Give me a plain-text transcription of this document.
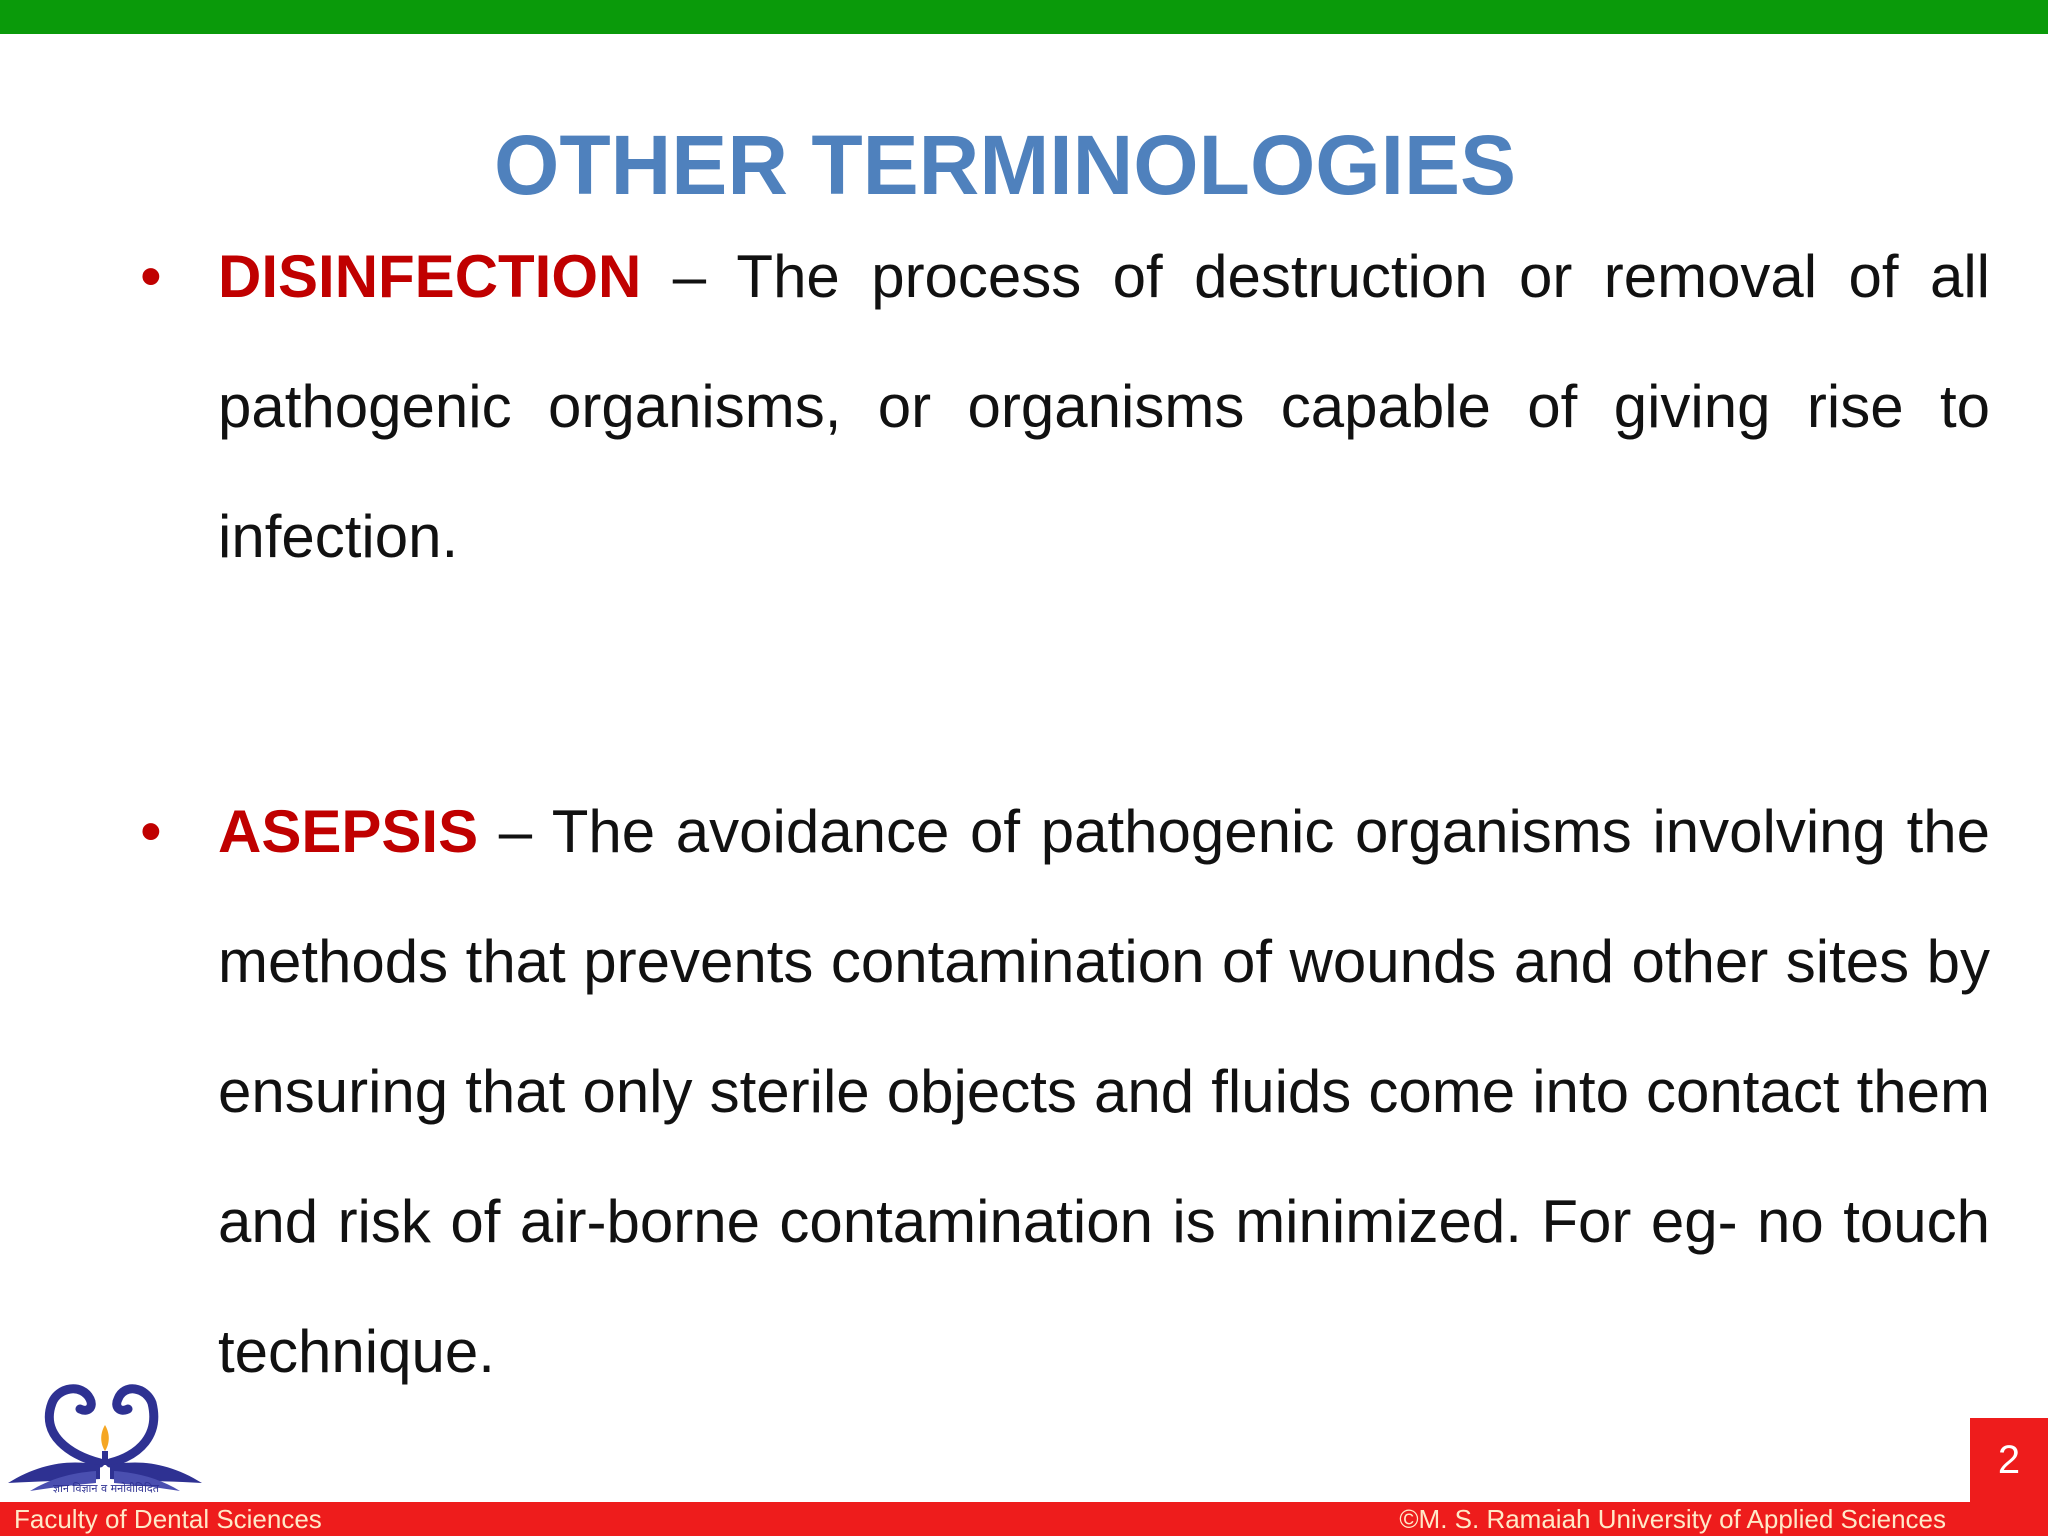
OTHER TERMINOLOGIES
• DISINFECTION – The process of destruction or removal of all pathogenic organisms, or organisms capable of giving rise to infection.
• ASEPSIS – The avoidance of pathogenic organisms involving the methods that prevents contamination of wounds and other sites by ensuring that only sterile objects and fluids come into contact them and risk of air-borne contamination is minimized. For eg- no touch technique.
ज्ञान विज्ञान व मनोवीविदित
Faculty of Dental Sciences	©M. S. Ramaiah University of Applied Sciences
2
